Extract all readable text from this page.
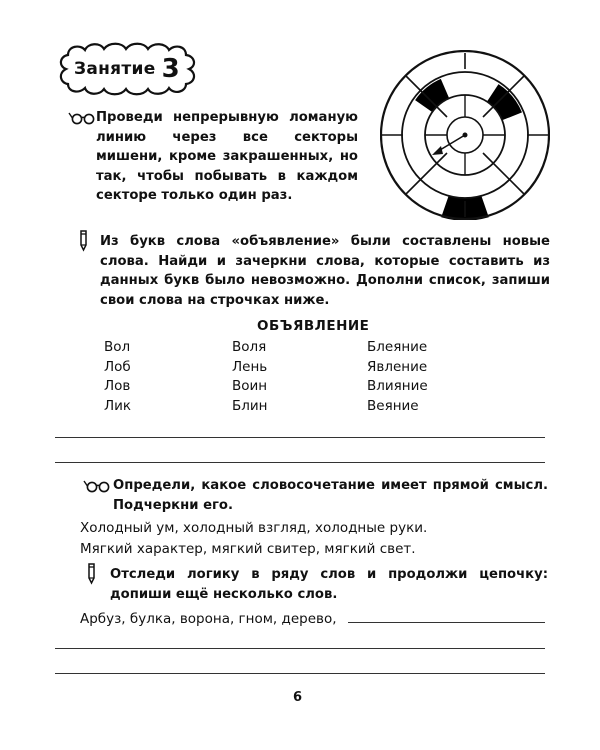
Занятие 3
Проведи непрерывную ломаную линию через все секторы мишени, кроме закрашенных, но так, чтобы побывать в каждом секторе только один раз.
Из букв слова «объявление» были составлены новые слова. Найди и зачеркни слова, которые составить из данных букв было невозможно. Дополни список, запиши свои слова на строчках ниже.
ОБЪЯВЛЕНИЕ
Вол
Лоб
Лов
Лик
Воля
Лень
Воин
Блин
Блеяние
Явление
Влияние
Веяние
Определи, какое словосочетание имеет прямой смысл. Подчеркни его.
Холодный ум, холодный взгляд, холодные руки.
Мягкий характер, мягкий свитер, мягкий свет.
Отследи логику в ряду слов и продолжи цепочку: допиши ещё несколько слов.
Арбуз, булка, ворона, гном, дерево,
6
